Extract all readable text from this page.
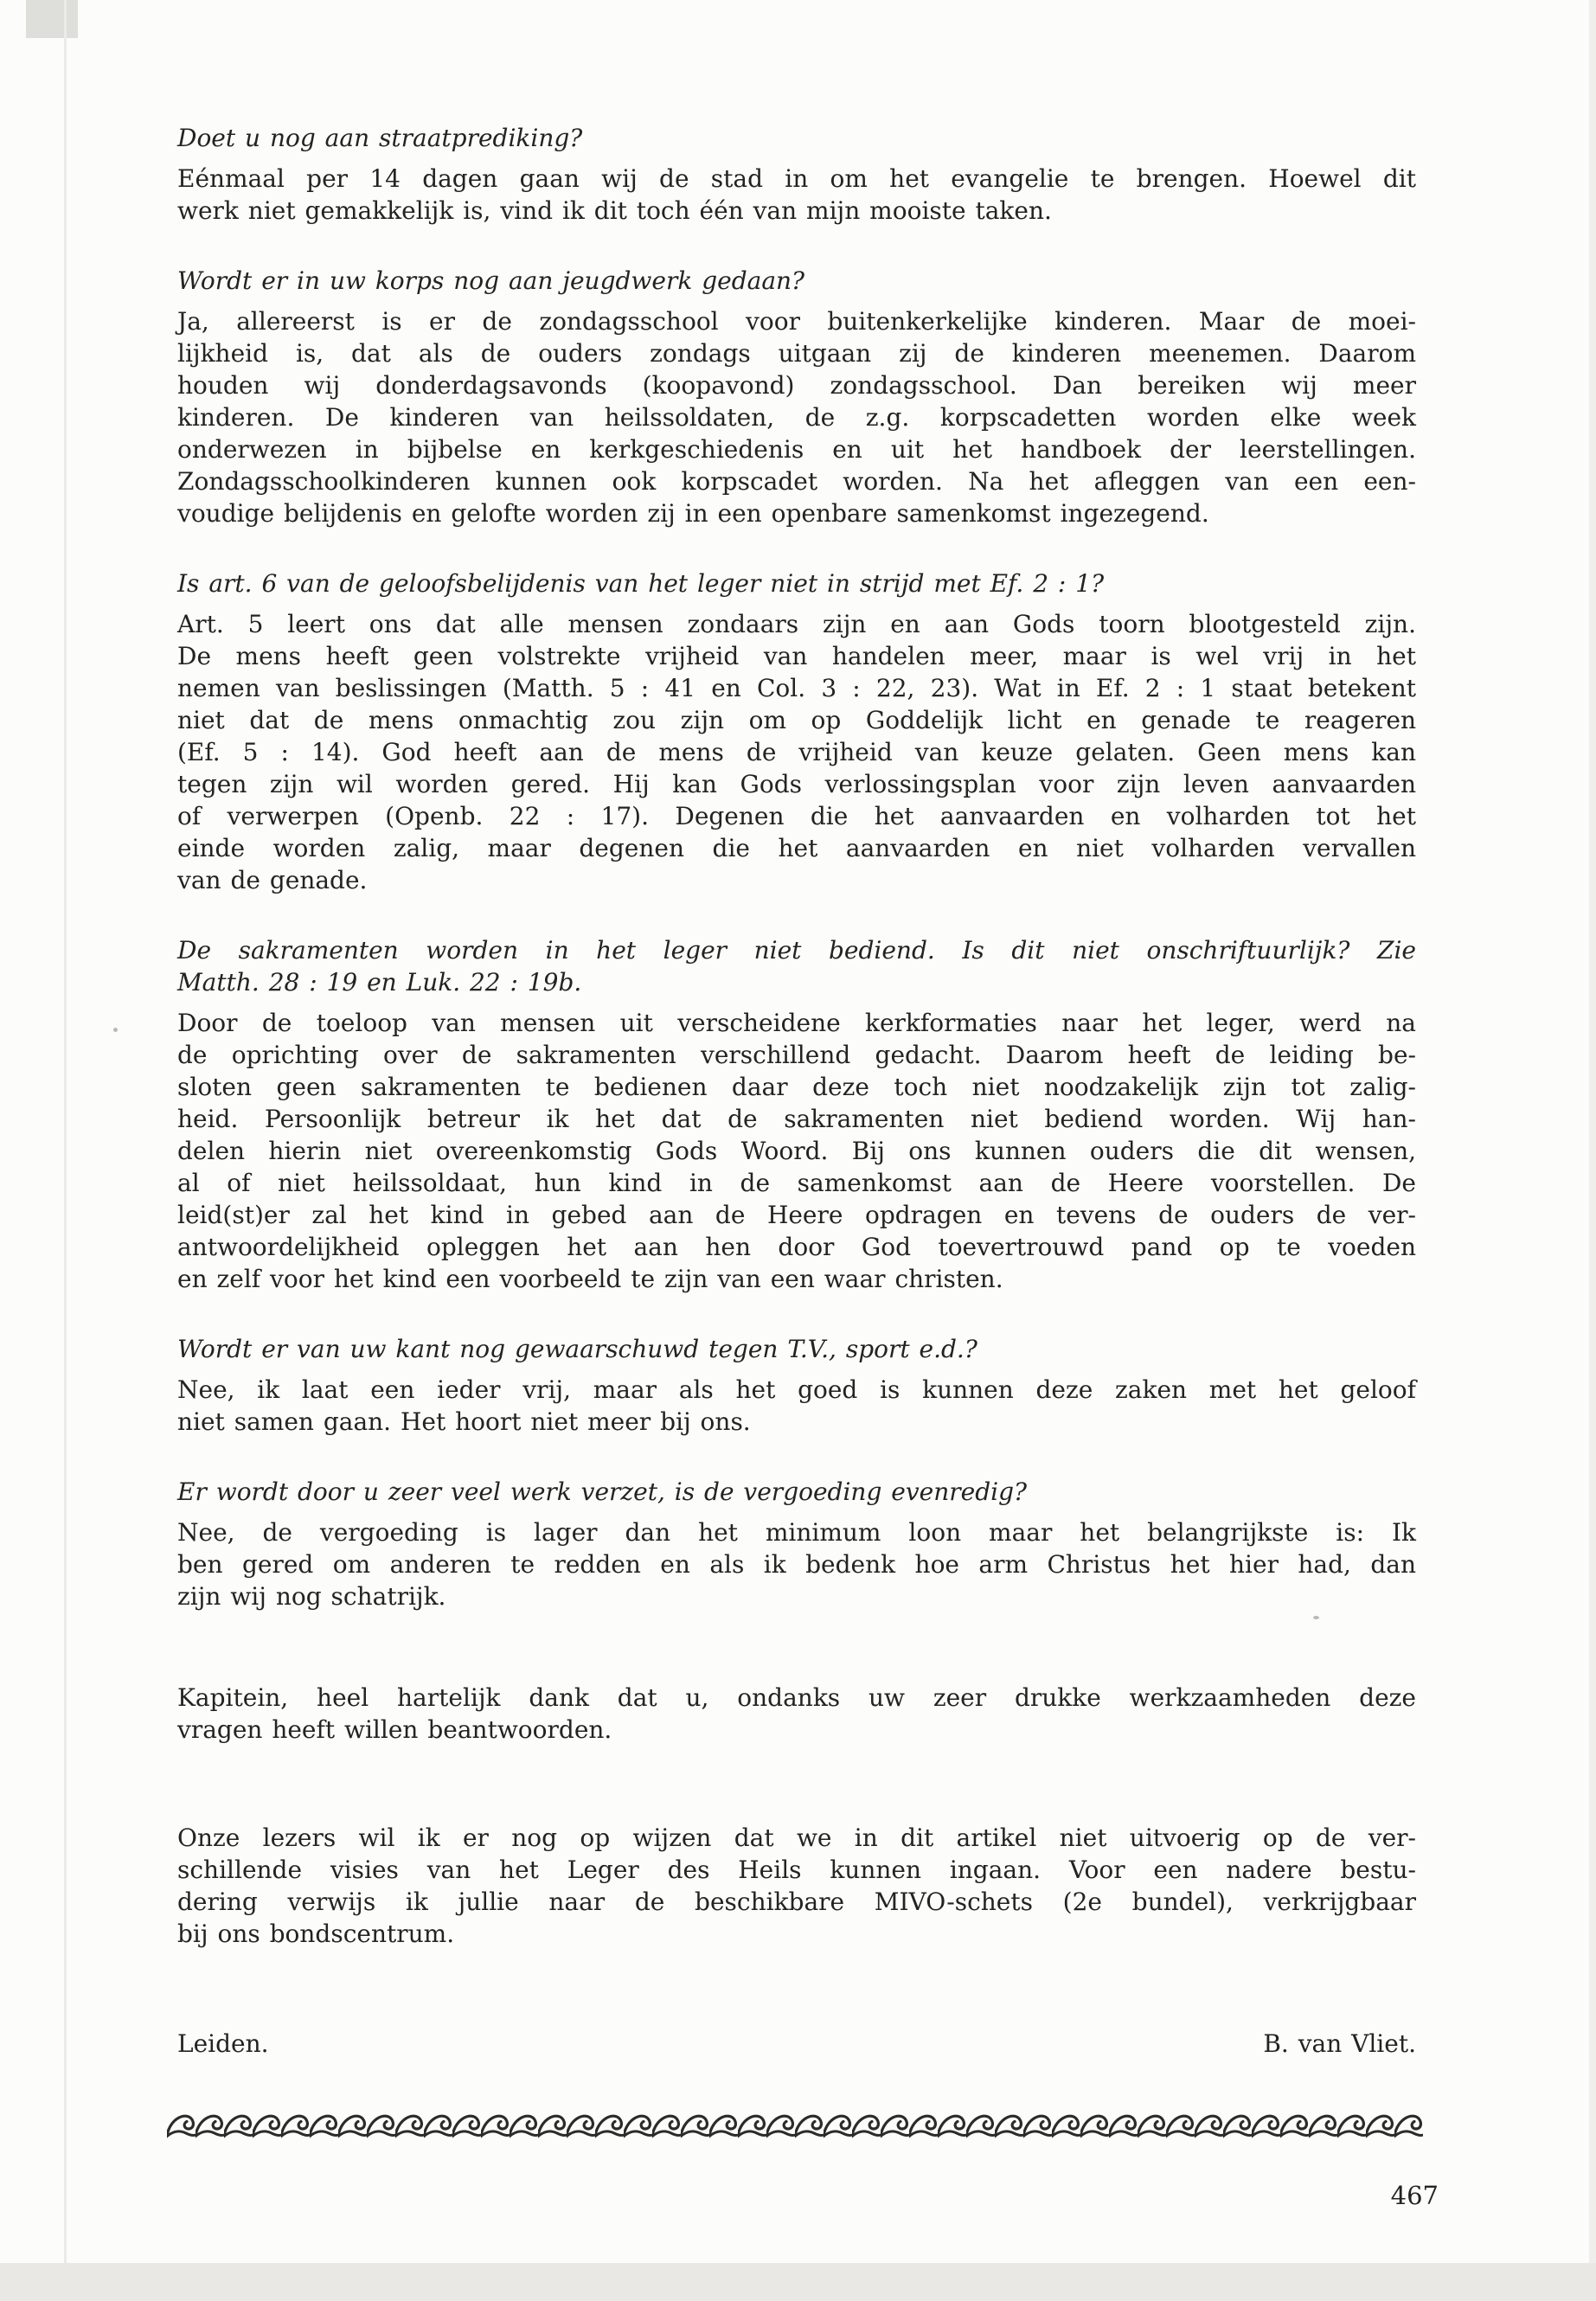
Doet u nog aan straatprediking?
Eénmaal per 14 dagen gaan wij de stad in om het evangelie te brengen. Hoewel dit
werk niet gemakkelijk is, vind ik dit toch één van mijn mooiste taken.
Wordt er in uw korps nog aan jeugdwerk gedaan?
Ja, allereerst is er de zondagsschool voor buitenkerkelijke kinderen. Maar de moei-
lijkheid is, dat als de ouders zondags uitgaan zij de kinderen meenemen. Daarom
houden wij donderdagsavonds (koopavond) zondagsschool. Dan bereiken wij meer
kinderen. De kinderen van heilssoldaten, de z.g. korpscadetten worden elke week
onderwezen in bijbelse en kerkgeschiedenis en uit het handboek der leerstellingen.
Zondagsschoolkinderen kunnen ook korpscadet worden. Na het afleggen van een een-
voudige belijdenis en gelofte worden zij in een openbare samenkomst ingezegend.
Is art. 6 van de geloofsbelijdenis van het leger niet in strijd met Ef. 2 : 1?
Art. 5 leert ons dat alle mensen zondaars zijn en aan Gods toorn blootgesteld zijn.
De mens heeft geen volstrekte vrijheid van handelen meer, maar is wel vrij in het
nemen van beslissingen (Matth. 5 : 41 en Col. 3 : 22, 23). Wat in Ef. 2 : 1 staat betekent
niet dat de mens onmachtig zou zijn om op Goddelijk licht en genade te reageren
(Ef. 5 : 14). God heeft aan de mens de vrijheid van keuze gelaten. Geen mens kan
tegen zijn wil worden gered. Hij kan Gods verlossingsplan voor zijn leven aanvaarden
of verwerpen (Openb. 22 : 17). Degenen die het aanvaarden en volharden tot het
einde worden zalig, maar degenen die het aanvaarden en niet volharden vervallen
van de genade.
De sakramenten worden in het leger niet bediend. Is dit niet onschriftuurlijk? Zie
Matth. 28 : 19 en Luk. 22 : 19b.
Door de toeloop van mensen uit verscheidene kerkformaties naar het leger, werd na
de oprichting over de sakramenten verschillend gedacht. Daarom heeft de leiding be-
sloten geen sakramenten te bedienen daar deze toch niet noodzakelijk zijn tot zalig-
heid. Persoonlijk betreur ik het dat de sakramenten niet bediend worden. Wij han-
delen hierin niet overeenkomstig Gods Woord. Bij ons kunnen ouders die dit wensen,
al of niet heilssoldaat, hun kind in de samenkomst aan de Heere voorstellen. De
leid(st)er zal het kind in gebed aan de Heere opdragen en tevens de ouders de ver-
antwoordelijkheid opleggen het aan hen door God toevertrouwd pand op te voeden
en zelf voor het kind een voorbeeld te zijn van een waar christen.
Wordt er van uw kant nog gewaarschuwd tegen T.V., sport e.d.?
Nee, ik laat een ieder vrij, maar als het goed is kunnen deze zaken met het geloof
niet samen gaan. Het hoort niet meer bij ons.
Er wordt door u zeer veel werk verzet, is de vergoeding evenredig?
Nee, de vergoeding is lager dan het minimum loon maar het belangrijkste is: Ik
ben gered om anderen te redden en als ik bedenk hoe arm Christus het hier had, dan
zijn wij nog schatrijk.
Kapitein, heel hartelijk dank dat u, ondanks uw zeer drukke werkzaamheden deze
vragen heeft willen beantwoorden.
Onze lezers wil ik er nog op wijzen dat we in dit artikel niet uitvoerig op de ver-
schillende visies van het Leger des Heils kunnen ingaan. Voor een nadere bestu-
dering verwijs ik jullie naar de beschikbare MIVO-schets (2e bundel), verkrijgbaar
bij ons bondscentrum.
Leiden.	B. van Vliet.
467
